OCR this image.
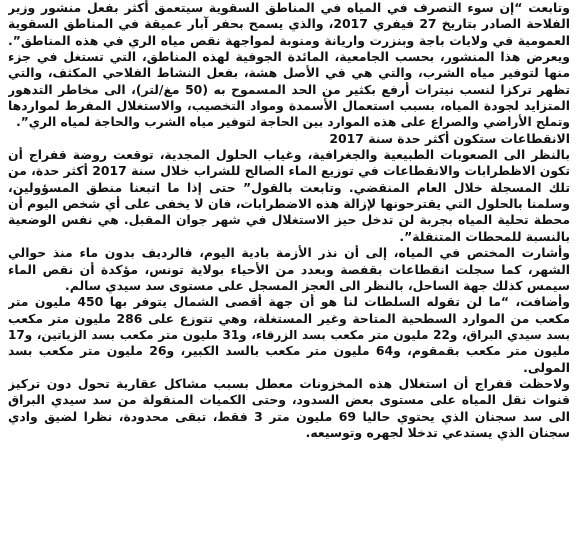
وتابعت “إن سوء التصرف في المياه في المناطق السقوية سيتعمق أكثر بفعل منشور وزير
الفلاحة الصادر بتاريخ 27 فيفري 2017، والذي يسمح بحفر آبار عميقة في المناطق السقوية
العمومية في ولايات باجة وبنزرت واريانة ومنوبة لمواجهة نقص مياه الري في هذه المناطق”.
ويعرض هذا المنشور، بحسب الجامعية، المائدة الجوفية لهذه المناطق، التي تستغل في جزء
منها لتوفير مياه الشرب، والتي هي في الأصل هشة، بفعل النشاط الفلاحي المكثف، والتي
تظهر تركزا لنسب نيترات أرفع بكثير من الحد المسموح به (50 مغ/لتر)، الى مخاطر التدهور
المتزايد لجودة المياه، بسبب استعمال الأسمدة ومواد التخصيب، والاستغلال المفرط لمواردها
وتملح الأراضي والصراع على هذه الموارد بين الحاجة لتوفير مياه الشرب والحاجة لمياه الري”.
الانقطاعات ستكون أكثر حدة سنة 2017
بالنظر الى الصعوبات الطبيعية والجغرافية، وغياب الحلول المجدية، توقعت روضة قفراج أن
تكون الاظطرابات والانقطاعات في توزيع الماء الصالح للشراب خلال سنة 2017 أكثر حدة، من
تلك المسجلة خلال العام المنقضي. وتابعت بالقول” حتى إذا ما اتبعنا منطق المسؤولين،
وسلمنا بالحلول التي يقترحونها لإزالة هذه الاضطرابات، فان لا يخفى على أي شخص اليوم أن
محطة تحلية المياه بجربة لن تدخل حيز الاستغلال في شهر جوان المقبل. هي نفس الوضعية
بالنسبة للمحطات المتنقلة”.
وأشارت المختص في المياه، إلى أن نذر الأزمة بادية اليوم، فالرديف بدون ماء منذ حوالي
الشهر، كما سجلت انقطاعات بقفصة وبعدد من الأحياء بولاية تونس، مؤكدة أن نقص الماء
سيمس كذلك جهة الساحل، بالنظر الى العجز المسجل على مستوى سد سيدي سالم.
وأضافت، “ما لن تقوله السلطات لنا هو أن جهة أقصى الشمال يتوفر بها 450 مليون متر
مكعب من الموارد السطحية المتاحة وغير المستغلة، وهي تتوزع على 286 مليون متر مكعب
بسد سيدي البراق، و22 مليون متر مكعب بسد الزرقاء، و31 مليون متر مكعب بسد الزياتين، و17
مليون متر مكعب بقمقوم، و64 مليون متر مكعب بالسد الكبير، و26 مليون متر مكعب بسد
المولى.
ولاحظت قفراج أن استغلال هذه المخزونات معطل بسبب مشاكل عقارية تحول دون تركيز
قنوات نقل المياه على مستوى بعض السدود، وحتى الكميات المنقولة من سد سيدي البراق
الى سد سجنان الذي يحتوي حاليا 69 مليون متر 3 فقط، تبقى محدودة، نظرا لضيق وادي
سجنان الذي يستدعي تدخلا لجهره وتوسيعه.
